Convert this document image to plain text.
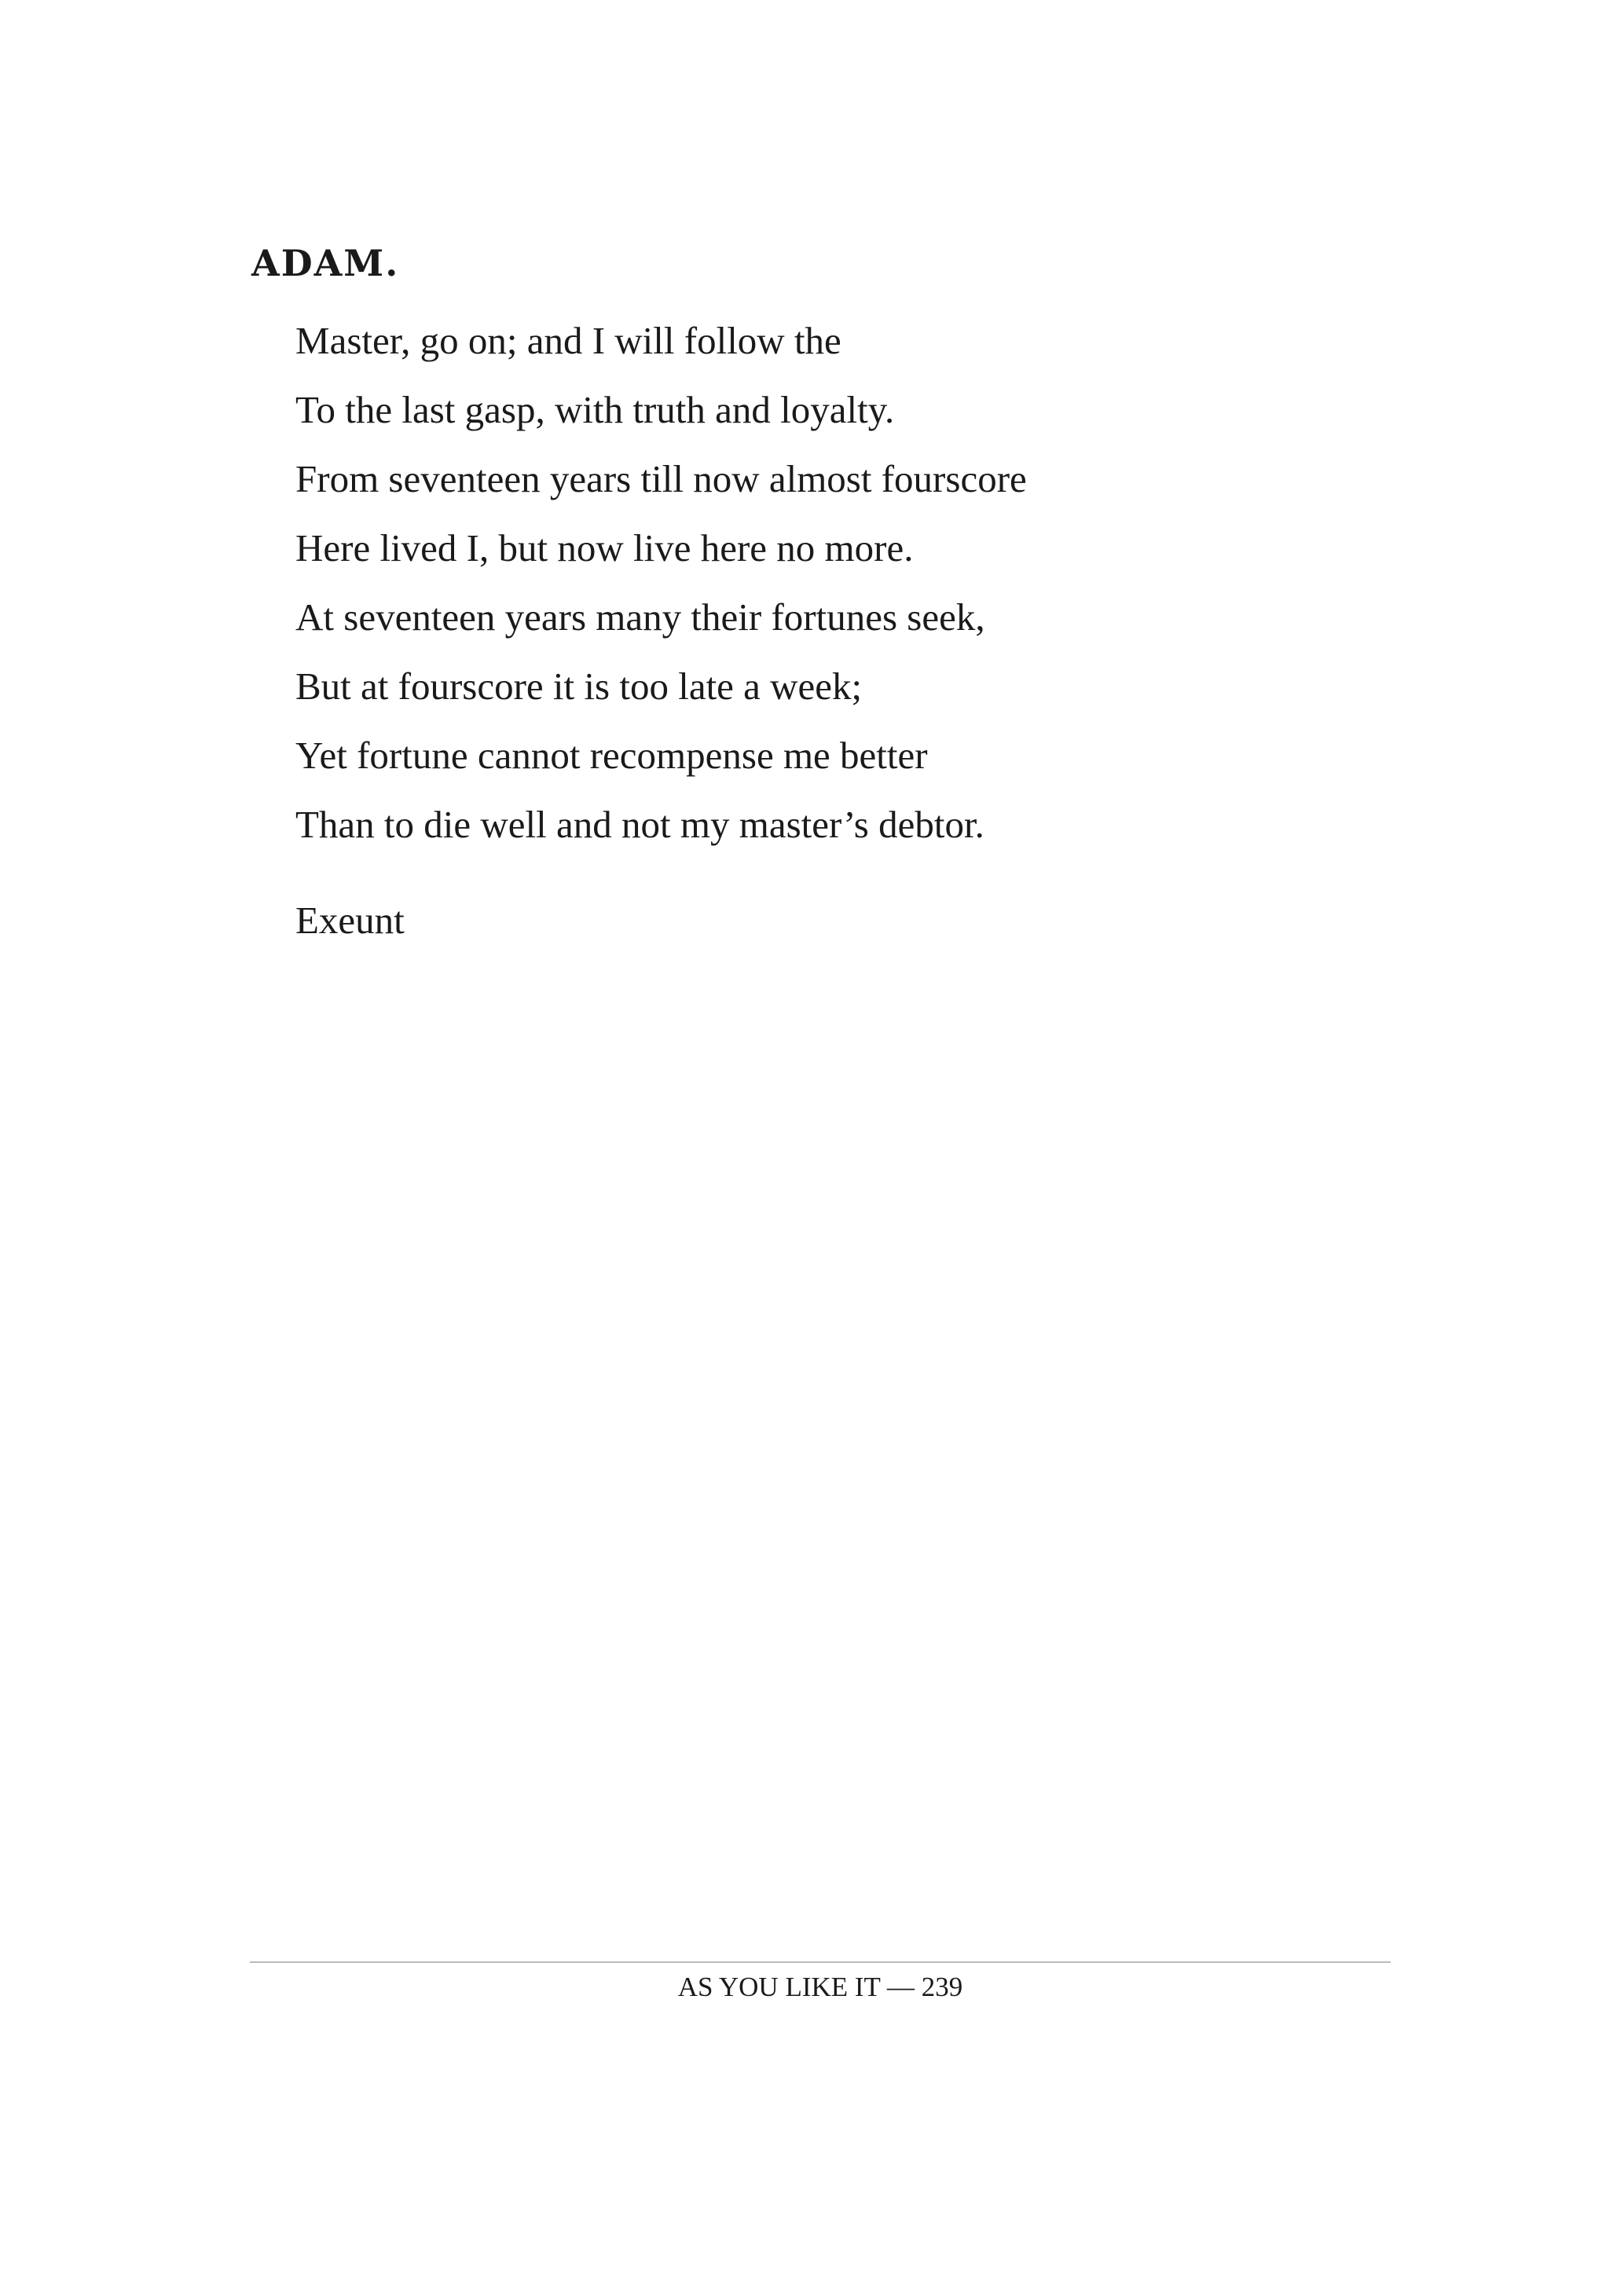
ADAM.

Master, go on; and I will follow the
To the last gasp, with truth and loyalty.
From seventeen years till now almost fourscore
Here lived I, but now live here no more.
At seventeen years many their fortunes seek,
But at fourscore it is too late a week;
Yet fortune cannot recompense me better
Than to die well and not my master’s debtor.

Exeunt

AS YOU LIKE IT — 239
